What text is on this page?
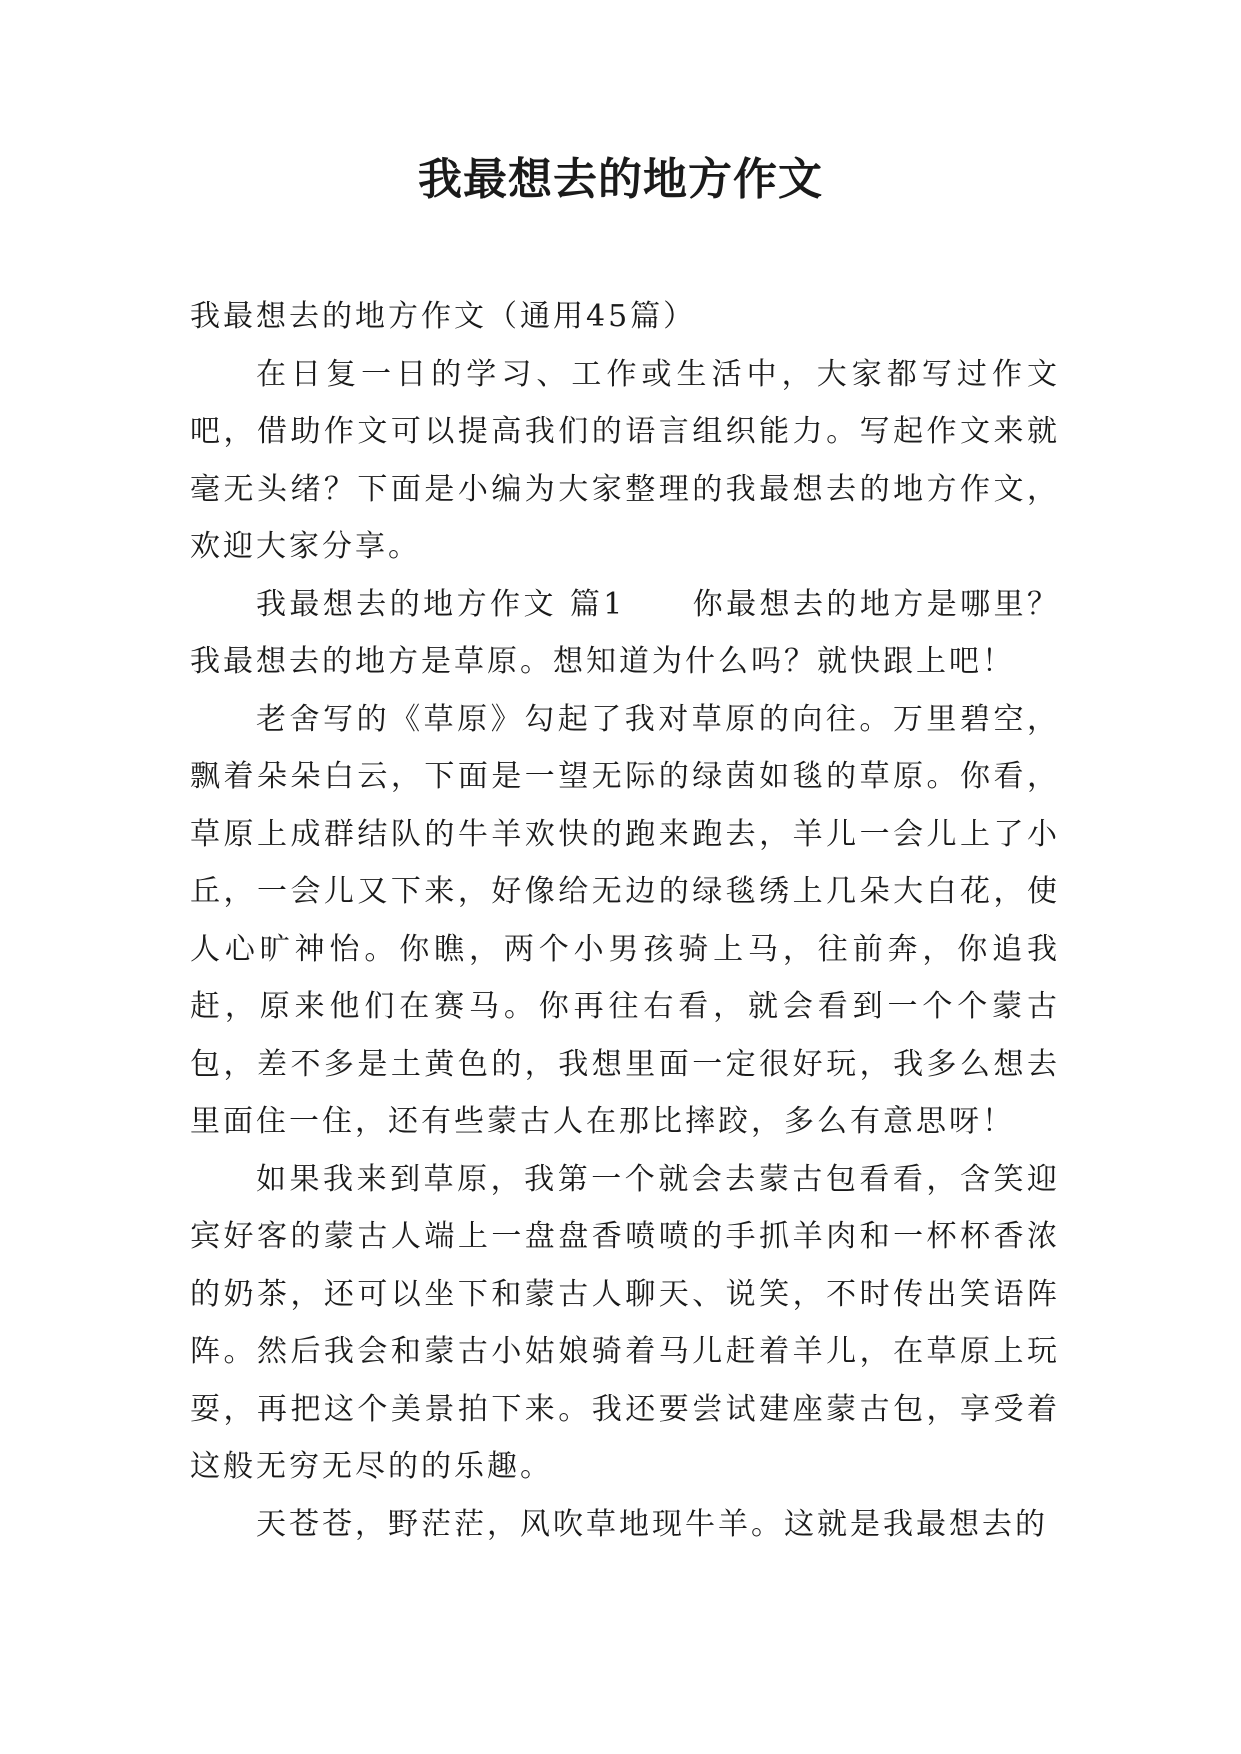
我最想去的地方作文

我最想去的地方作文（通用45篇）

在日复一日的学习、工作或生活中，大家都写过作文吧，借助作文可以提高我们的语言组织能力。写起作文来就毫无头绪？下面是小编为大家整理的我最想去的地方作文，欢迎大家分享。

我最想去的地方作文 篇1　　你最想去的地方是哪里？我最想去的地方是草原。想知道为什么吗？就快跟上吧！

老舍写的《草原》勾起了我对草原的向往。万里碧空，飘着朵朵白云，下面是一望无际的绿茵如毯的草原。你看，草原上成群结队的牛羊欢快的跑来跑去，羊儿一会儿上了小丘，一会儿又下来，好像给无边的绿毯绣上几朵大白花，使人心旷神怡。你瞧，两个小男孩骑上马，往前奔，你追我赶，原来他们在赛马。你再往右看，就会看到一个个蒙古包，差不多是土黄色的，我想里面一定很好玩，我多么想去里面住一住，还有些蒙古人在那比摔跤，多么有意思呀！

如果我来到草原，我第一个就会去蒙古包看看，含笑迎宾好客的蒙古人端上一盘盘香喷喷的手抓羊肉和一杯杯香浓的奶茶，还可以坐下和蒙古人聊天、说笑，不时传出笑语阵阵。然后我会和蒙古小姑娘骑着马儿赶着羊儿，在草原上玩耍，再把这个美景拍下来。我还要尝试建座蒙古包，享受着这般无穷无尽的的乐趣。

天苍苍，野茫茫，风吹草地现牛羊。这就是我最想去的
